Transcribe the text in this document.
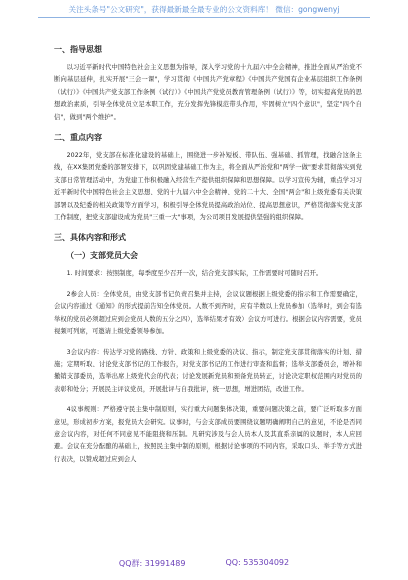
关注头条号"公文研究"，获得最新最全最专业的公文资料库！ 微信：gongwenyj
一、指导思想

以习近平新时代中国特色社会主义思想为指导，深入学习党的十九届六中全会精神，推进全面从严治党不断向基层延伸，扎实开展"三会一课"，学习贯彻《中国共产党章程》《中国共产党国有企业基层组织工作条例（试行）》《中国共产党支部工作条例（试行）》《中国共产党党员教育管理条例（试行）》等，切实提高党员的思想政治素质，引导全体党员立足本职工作，充分发挥先锋模范带头作用，牢固树立"四个意识"，坚定"四个自信"，做到"两个维护"。

二、重点内容

2022年，党支部在标准化建设的基础上，围绕进一步补短板、带队伍、强基础、抓管理，找融合这条主线，在XX集团党委的部署安排下，以巩固党建基础工作为主，将全面从严治党和"两学一做"要求贯彻落实到党支部日常管理活动中，为党建工作积极融入经营生产提供组织保障和思想保障。以学习宣传为辅，重点学习习近平新时代中国特色社会主义思想、党的十九届六中全会精神、党的二十大、全国"两会"和上级党委有关决策部署以及纪委的相关政策等方面学习，积极引导全体党员提高政治站位、提高思想意识，严格贯彻落实党支部工作制度，把党支部建设成为党员"三重一大"事项，为公司项目发展提供坚强的组织保障。

三、具体内容和形式
（一）支部党员大会

1. 时间要求：按照制度，每季度至少召开一次，结合党支部实际，工作需要时可随时召开。

2参会人员：全体党员，由党支部书记负责召集并主持，会议议题根据上级党委的指示和工作需要确定，会议内容通过《通知》的形式提前告知全体党员。人数不到齐时，应有半数以上党员参加（选举时，到会有选举权的党员必须超过应到会党员人数的五分之四），选举结果才有效）会议方可进行。根据会议内容需要，党员视频可列席，可邀请上级党委领导参加。

3会议内容：传达学习党的路线、方针、政策和上级党委的决议、指示，制定党支部贯彻落实的计划、措施；定期听取、讨论党支部书记的工作报告，对党支部书记的工作进行审查和监督；选举支部委员会，增补和撤销支部委员，选举出席上级党代会的代表；讨论发展新党员和预备党员转正，讨论决定职权范围内对党员的表彰和处分；开展民主评议党员，开展批评与自我批评，统一思想，增进团结，改进工作。

4议事规则：严格遵守民主集中制原则，实行重大问题集体决策，重要问题决策之前，要广泛听取多方面意见，形成初步方案，报党员大会研究。议事时，与会支部成员要围绕议题明确阐明自己的意见，不论是否同意会议内容，对任何不同意见不能阻挠和压制。凡研究涉及与会人员本人及其直系亲属的议题时，本人应回避。会议在充分酝酿的基础上，按照民主集中制的原则，根据讨论事项的不同内容，采取口头、举手等方式进行表决，以赞成超过应到会人

QQ群: 31991489	QQ: 535304092
